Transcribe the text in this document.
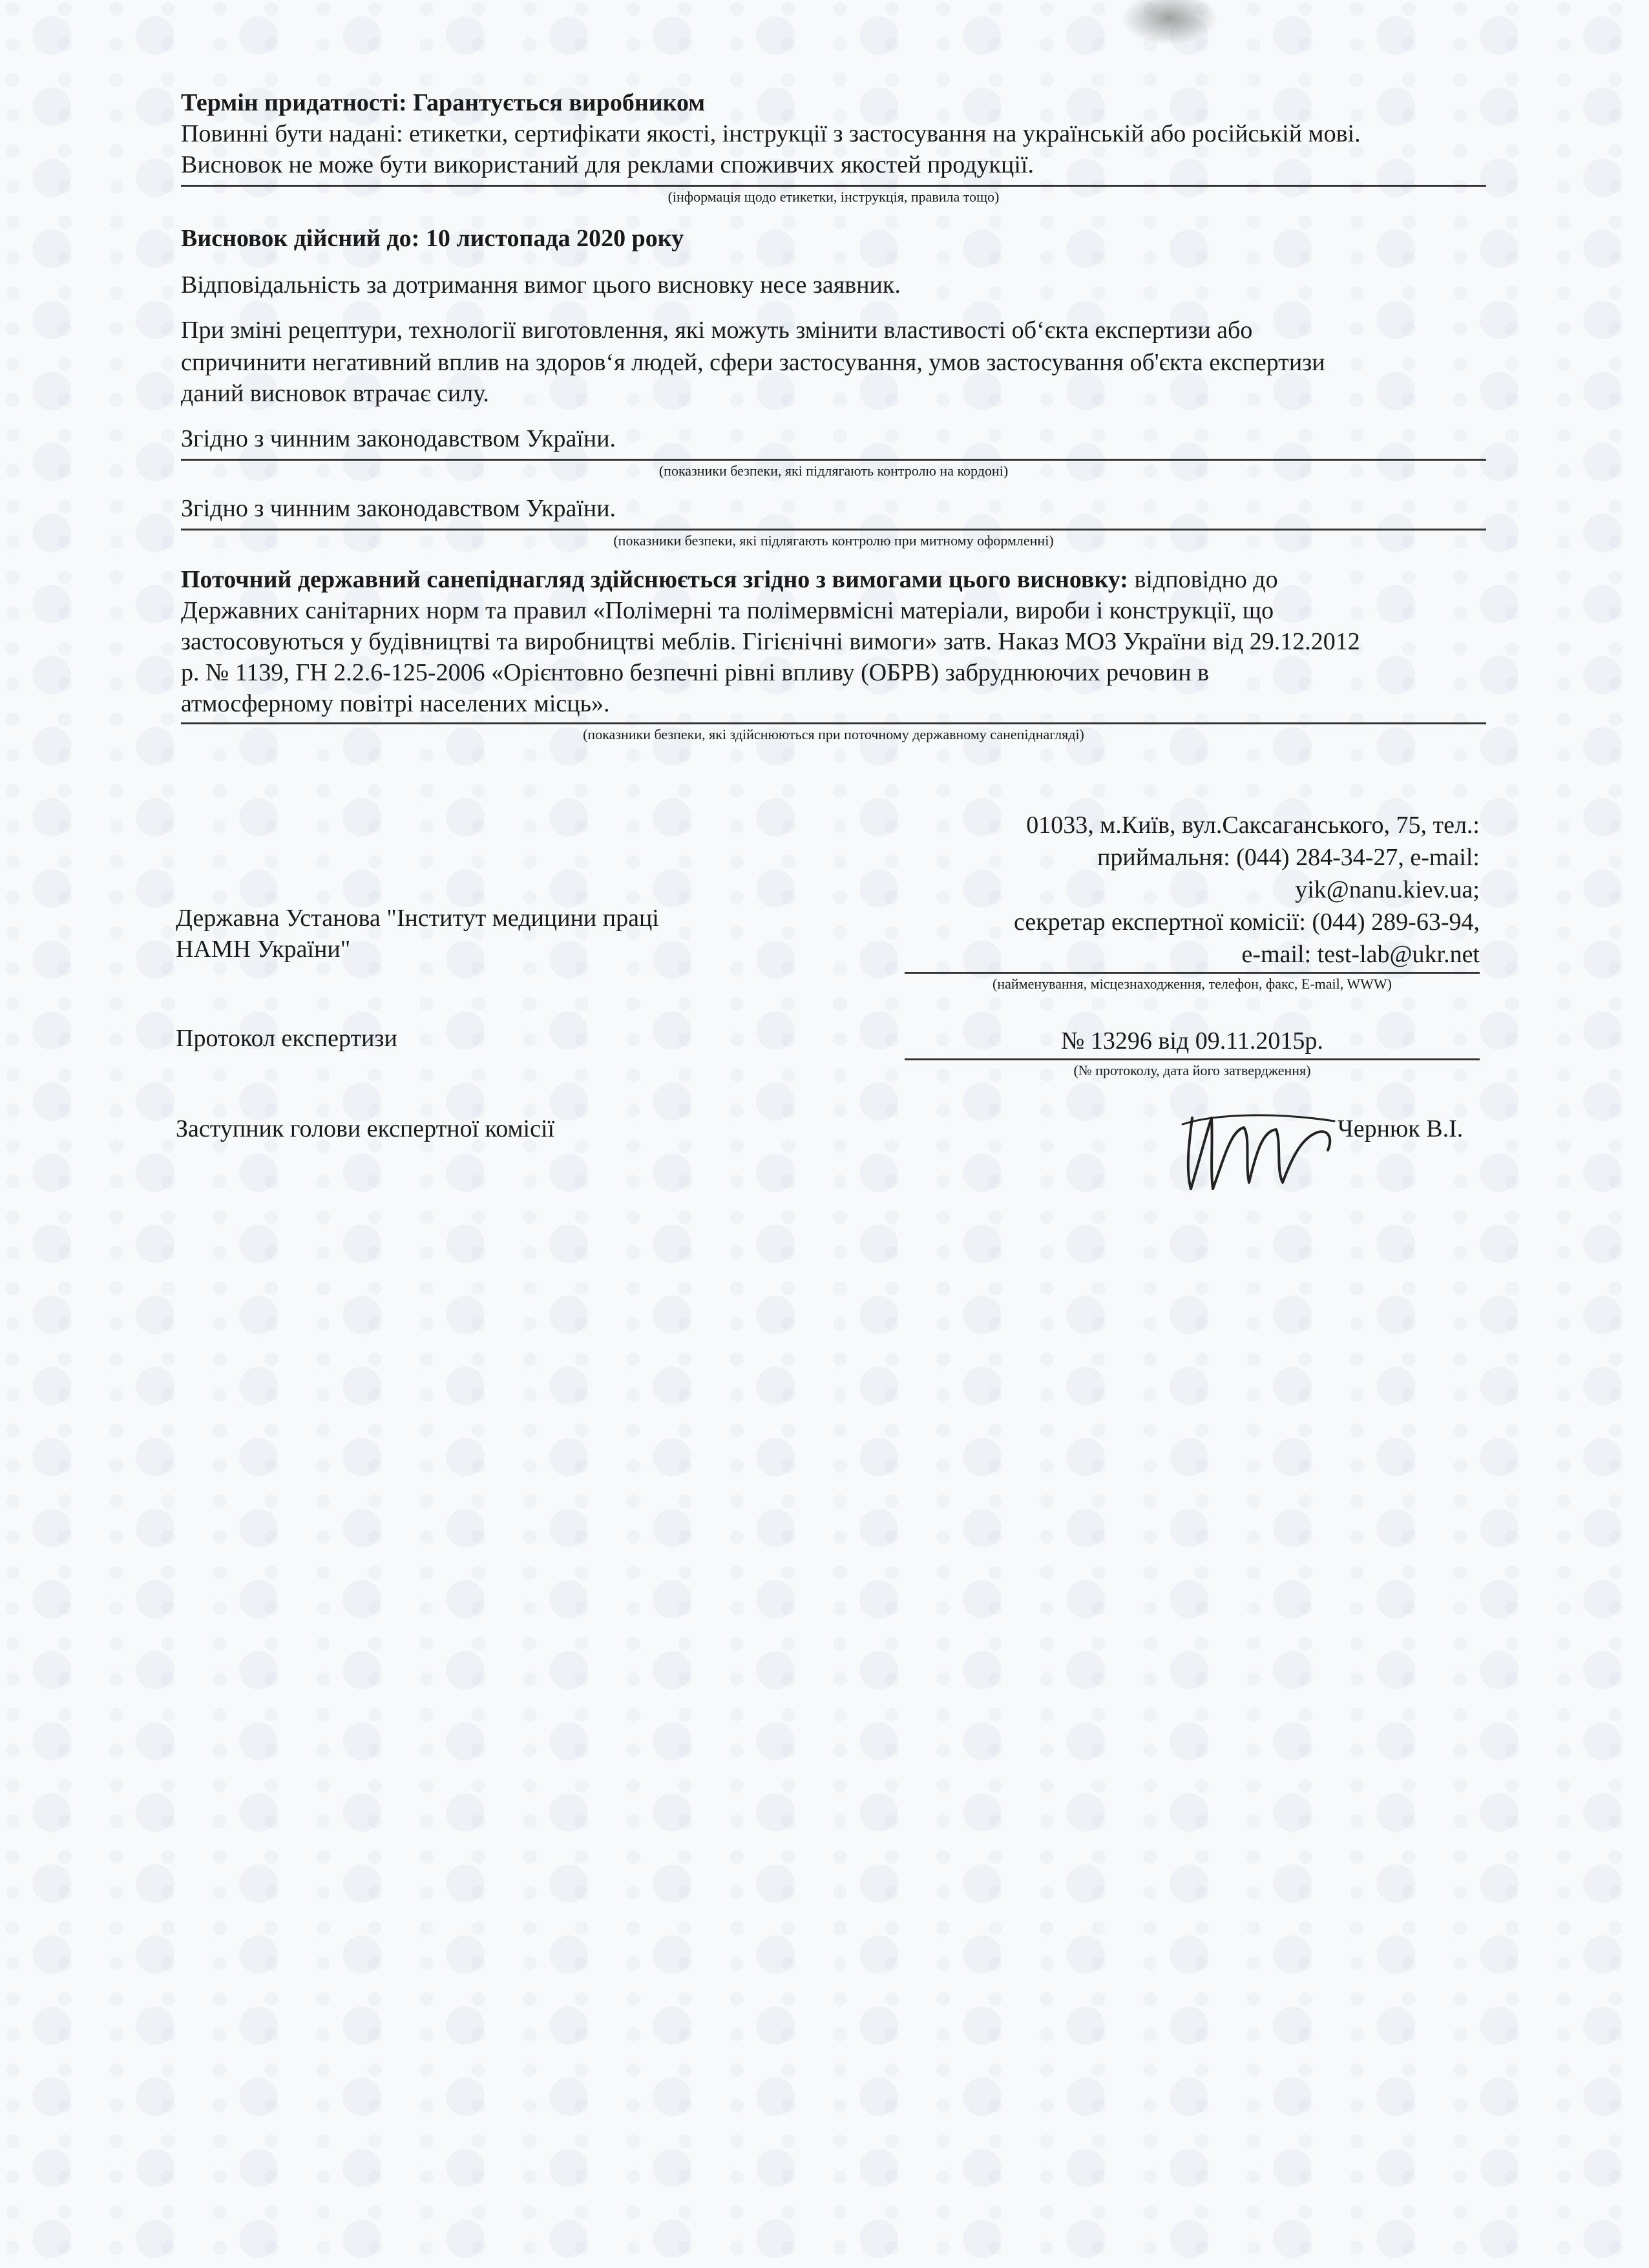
Термін придатності: Гарантується виробником
Повинні бути надані: етикетки, сертифікати якості, інструкції з застосування на українській або російській мові.
Висновок не може бути використаний для реклами споживчих якостей продукції.
(інформація щодо етикетки, інструкція, правила тощо)
Висновок дійсний до: 10 листопада 2020 року
Відповідальність за дотримання вимог цього висновку несе заявник.
При зміні рецептури, технології виготовлення, які можуть змінити властивості об‘єкта експертизи або
спричинити негативний вплив на здоров‘я людей, сфери застосування, умов застосування об'єкта експертизи
даний висновок втрачає силу.
Згідно з чинним законодавством України.
(показники безпеки, які підлягають контролю на кордоні)
Згідно з чинним законодавством України.
(показники безпеки, які підлягають контролю при митному оформленні)
Поточний державний санепіднагляд здійснюється згідно з вимогами цього висновку: відповідно до
Державних санітарних норм та правил «Полімерні та полімервмісні матеріали, вироби і конструкції, що
застосовуються у будівництві та виробництві меблів. Гігієнічні вимоги» затв. Наказ МОЗ України від 29.12.2012
р. № 1139, ГН 2.2.6-125-2006 «Орієнтовно безпечні рівні впливу (ОБРВ) забруднюючих речовин в
атмосферному повітрі населених місць».
(показники безпеки, які здійснюються при поточному державному санепіднагляді)
Державна Установа "Інститут медицини праці
НАМН України"
01033, м.Київ, вул.Саксаганського, 75, тел.:
приймальня: (044) 284-34-27, e-mail:
yik@nanu.kiev.ua;
секретар експертної комісії: (044) 289-63-94,
e-mail: test-lab@ukr.net
(найменування, місцезнаходження, телефон, факс, E-mail, WWW)
Протокол експертизи	№ 13296 від 09.11.2015р.
(№ протоколу, дата його затвердження)
Заступник голови експертної комісії	Чернюк В.І.
